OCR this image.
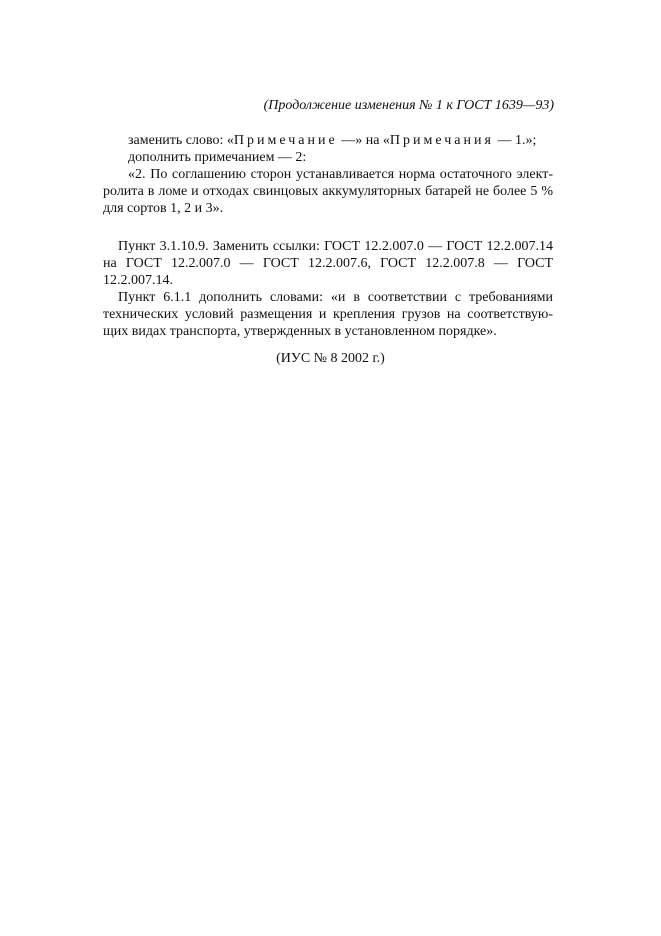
(Продолжение изменения № 1 к ГОСТ 1639—93)
заменить слово: «Примечание —» на «Примечания — 1.»;
дополнить примечанием — 2:
«2. По соглашению сторон устанавливается норма остаточного элект-
ролита в ломе и отходах свинцовых аккумуляторных батарей не более 5 %
для сортов 1, 2 и 3».
Пункт 3.1.10.9. Заменить ссылки: ГОСТ 12.2.007.0 — ГОСТ 12.2.007.14
на ГОСТ 12.2.007.0 — ГОСТ 12.2.007.6, ГОСТ 12.2.007.8 — ГОСТ
12.2.007.14.
Пункт 6.1.1 дополнить словами: «и в соответствии с требованиями
технических условий размещения и крепления грузов на соответствую-
щих видах транспорта, утвержденных в установленном порядке».
(ИУС № 8 2002 г.)
